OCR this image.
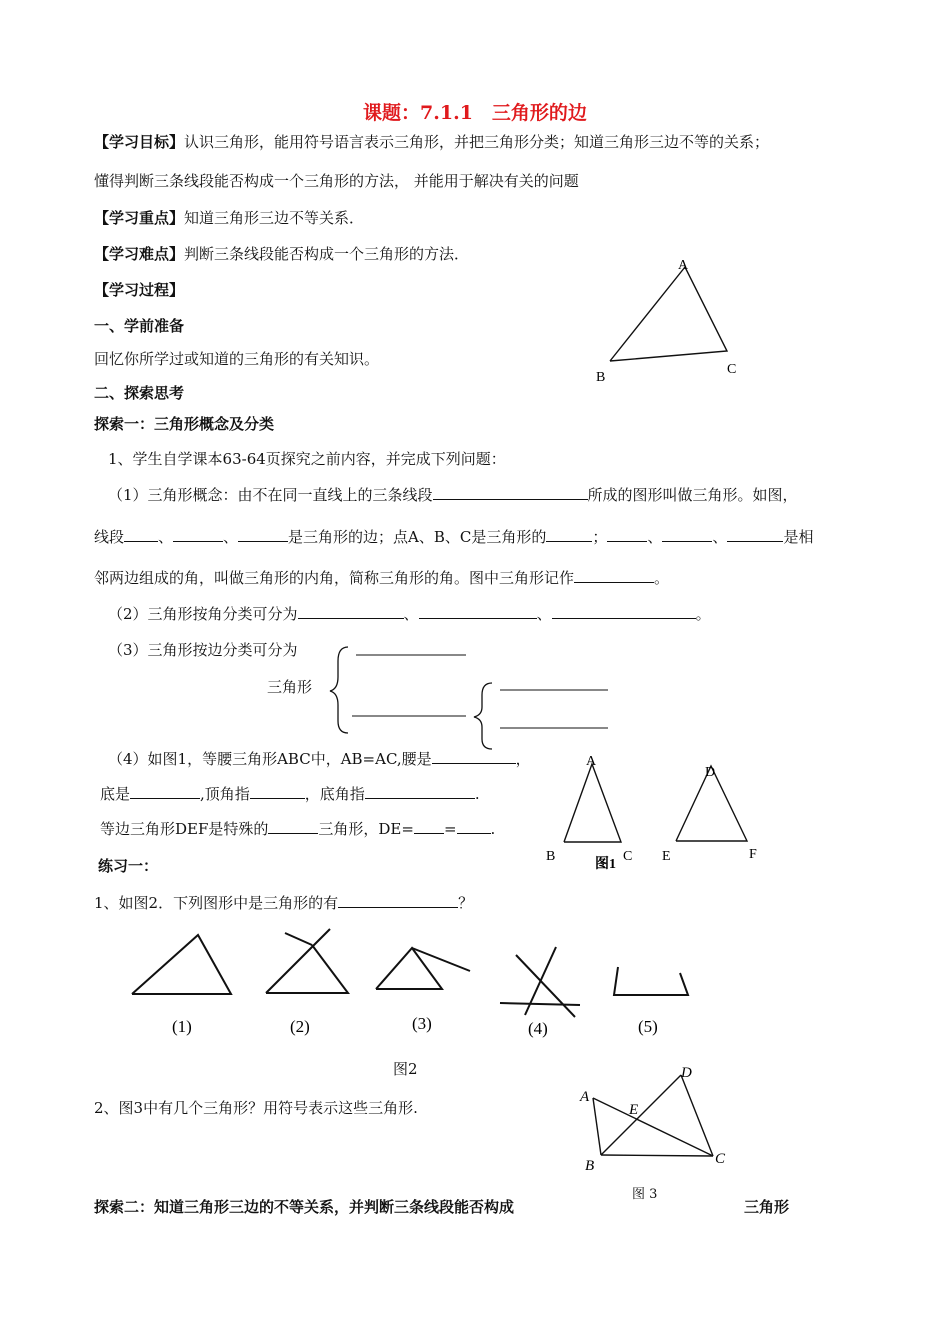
课题：7.1.1　三角形的边
【学习目标】认识三角形，能用符号语言表示三角形，并把三角形分类；知道三角形三边不等的关系；
懂得判断三条线段能否构成一个三角形的方法， 并能用于解决有关的问题
【学习重点】知道三角形三边不等关系．
【学习难点】判断三条线段能否构成一个三角形的方法．
【学习过程】
一、学前准备
回忆你所学过或知道的三角形的有关知识。
二、探索思考
A
B
C
探索一：三角形概念及分类
1、学生自学课本63-64页探究之前内容，并完成下列问题：
（1）三角形概念：由不在同一直线上的三条线段	所成的图形叫做三角形。如图，
线段 、	、	是三角形的边；点A、B、C是三角形的	；	、	、	是相
邻两边组成的角，叫做三角形的内角，简称三角形的角。图中三角形记作	。
（2）三角形按角分类可分为	、	、	。
（3）三角形按边分类可分为
三角形
（4）如图1，等腰三角形ABC中，AB=AC,腰是	，
底是	,顶角指	，底角指	.
等边三角形DEF是特殊的	三角形，DE= = .
A
B	C
D
E	F
图1
练习一：
1、如图2．下列图形中是三角形的有	？
(1)	(2)	(3)	(4)	(5)
图2
2、图3中有几个三角形？用符号表示这些三角形.
A
B	C
D
E
图 3
探索二：知道三角形三边的不等关系，并判断三条线段能否构成	三角形
